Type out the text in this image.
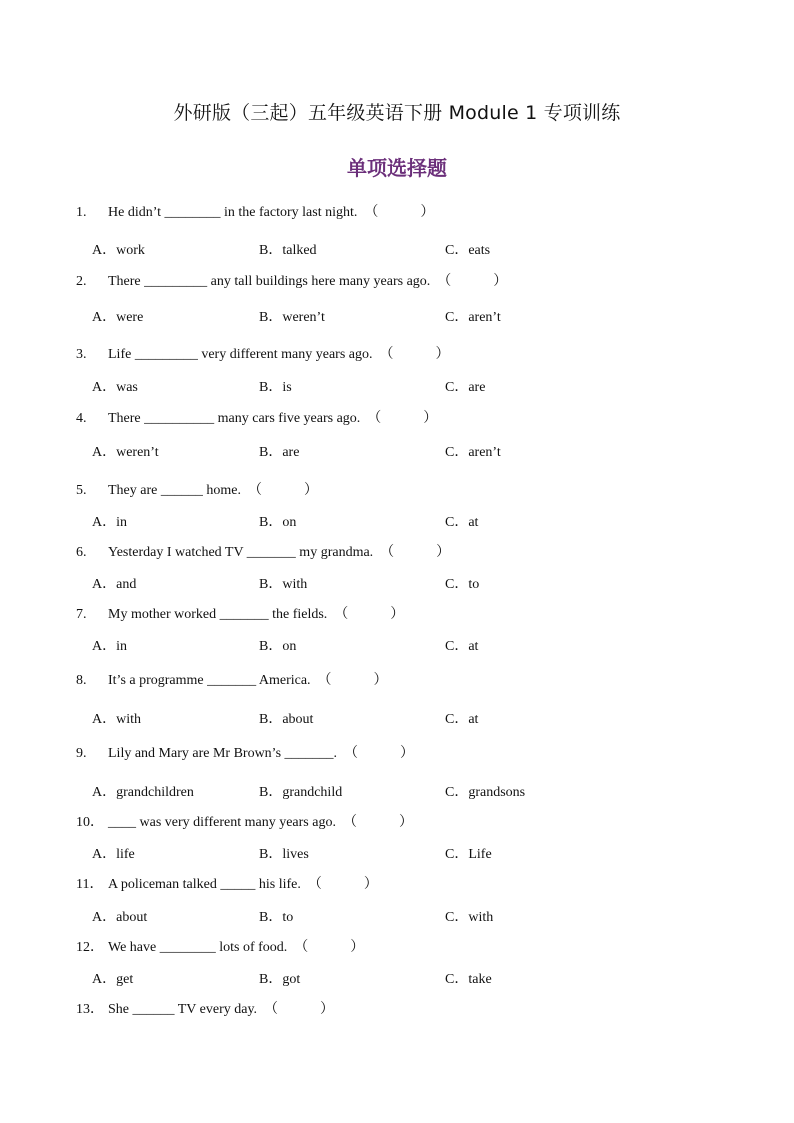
外研版（三起）五年级英语下册 Module 1 专项训练
单项选择题
1. He didn’t ________ in the factory last night.　（　　　）
A．work	B．talked	C．eats
2. There _________ any tall buildings here many years ago.　（　　　）
A．were	B．weren’t	C．aren’t
3. Life _________ very different many years ago.　（　　　）
A．was	B．is	C．are
4. There __________ many cars five years ago.　（　　　）
A．weren’t	B．are	C．aren’t
5. They are ______ home.　（　　　）
A．in	B．on	C．at
6. Yesterday I watched TV _______ my grandma.　（　　　）
A．and	B．with	C．to
7. My mother worked _______ the fields.　（　　　）
A．in	B．on	C．at
8. It’s a programme _______ America.　（　　　）
A．with	B．about	C．at
9. Lily and Mary are Mr Brown’s _______.　（　　　）
A．grandchildren	B．grandchild	C．grandsons
10． ____ was very different many years ago.　（　　　）
A．life	B．lives	C．Life
11． A policeman talked _____ his life.　（　　　）
A．about	B．to	C．with
12． We have ________ lots of food.　（　　　）
A．get	B．got	C．take
13． She ______ TV every day.　（　　　）
